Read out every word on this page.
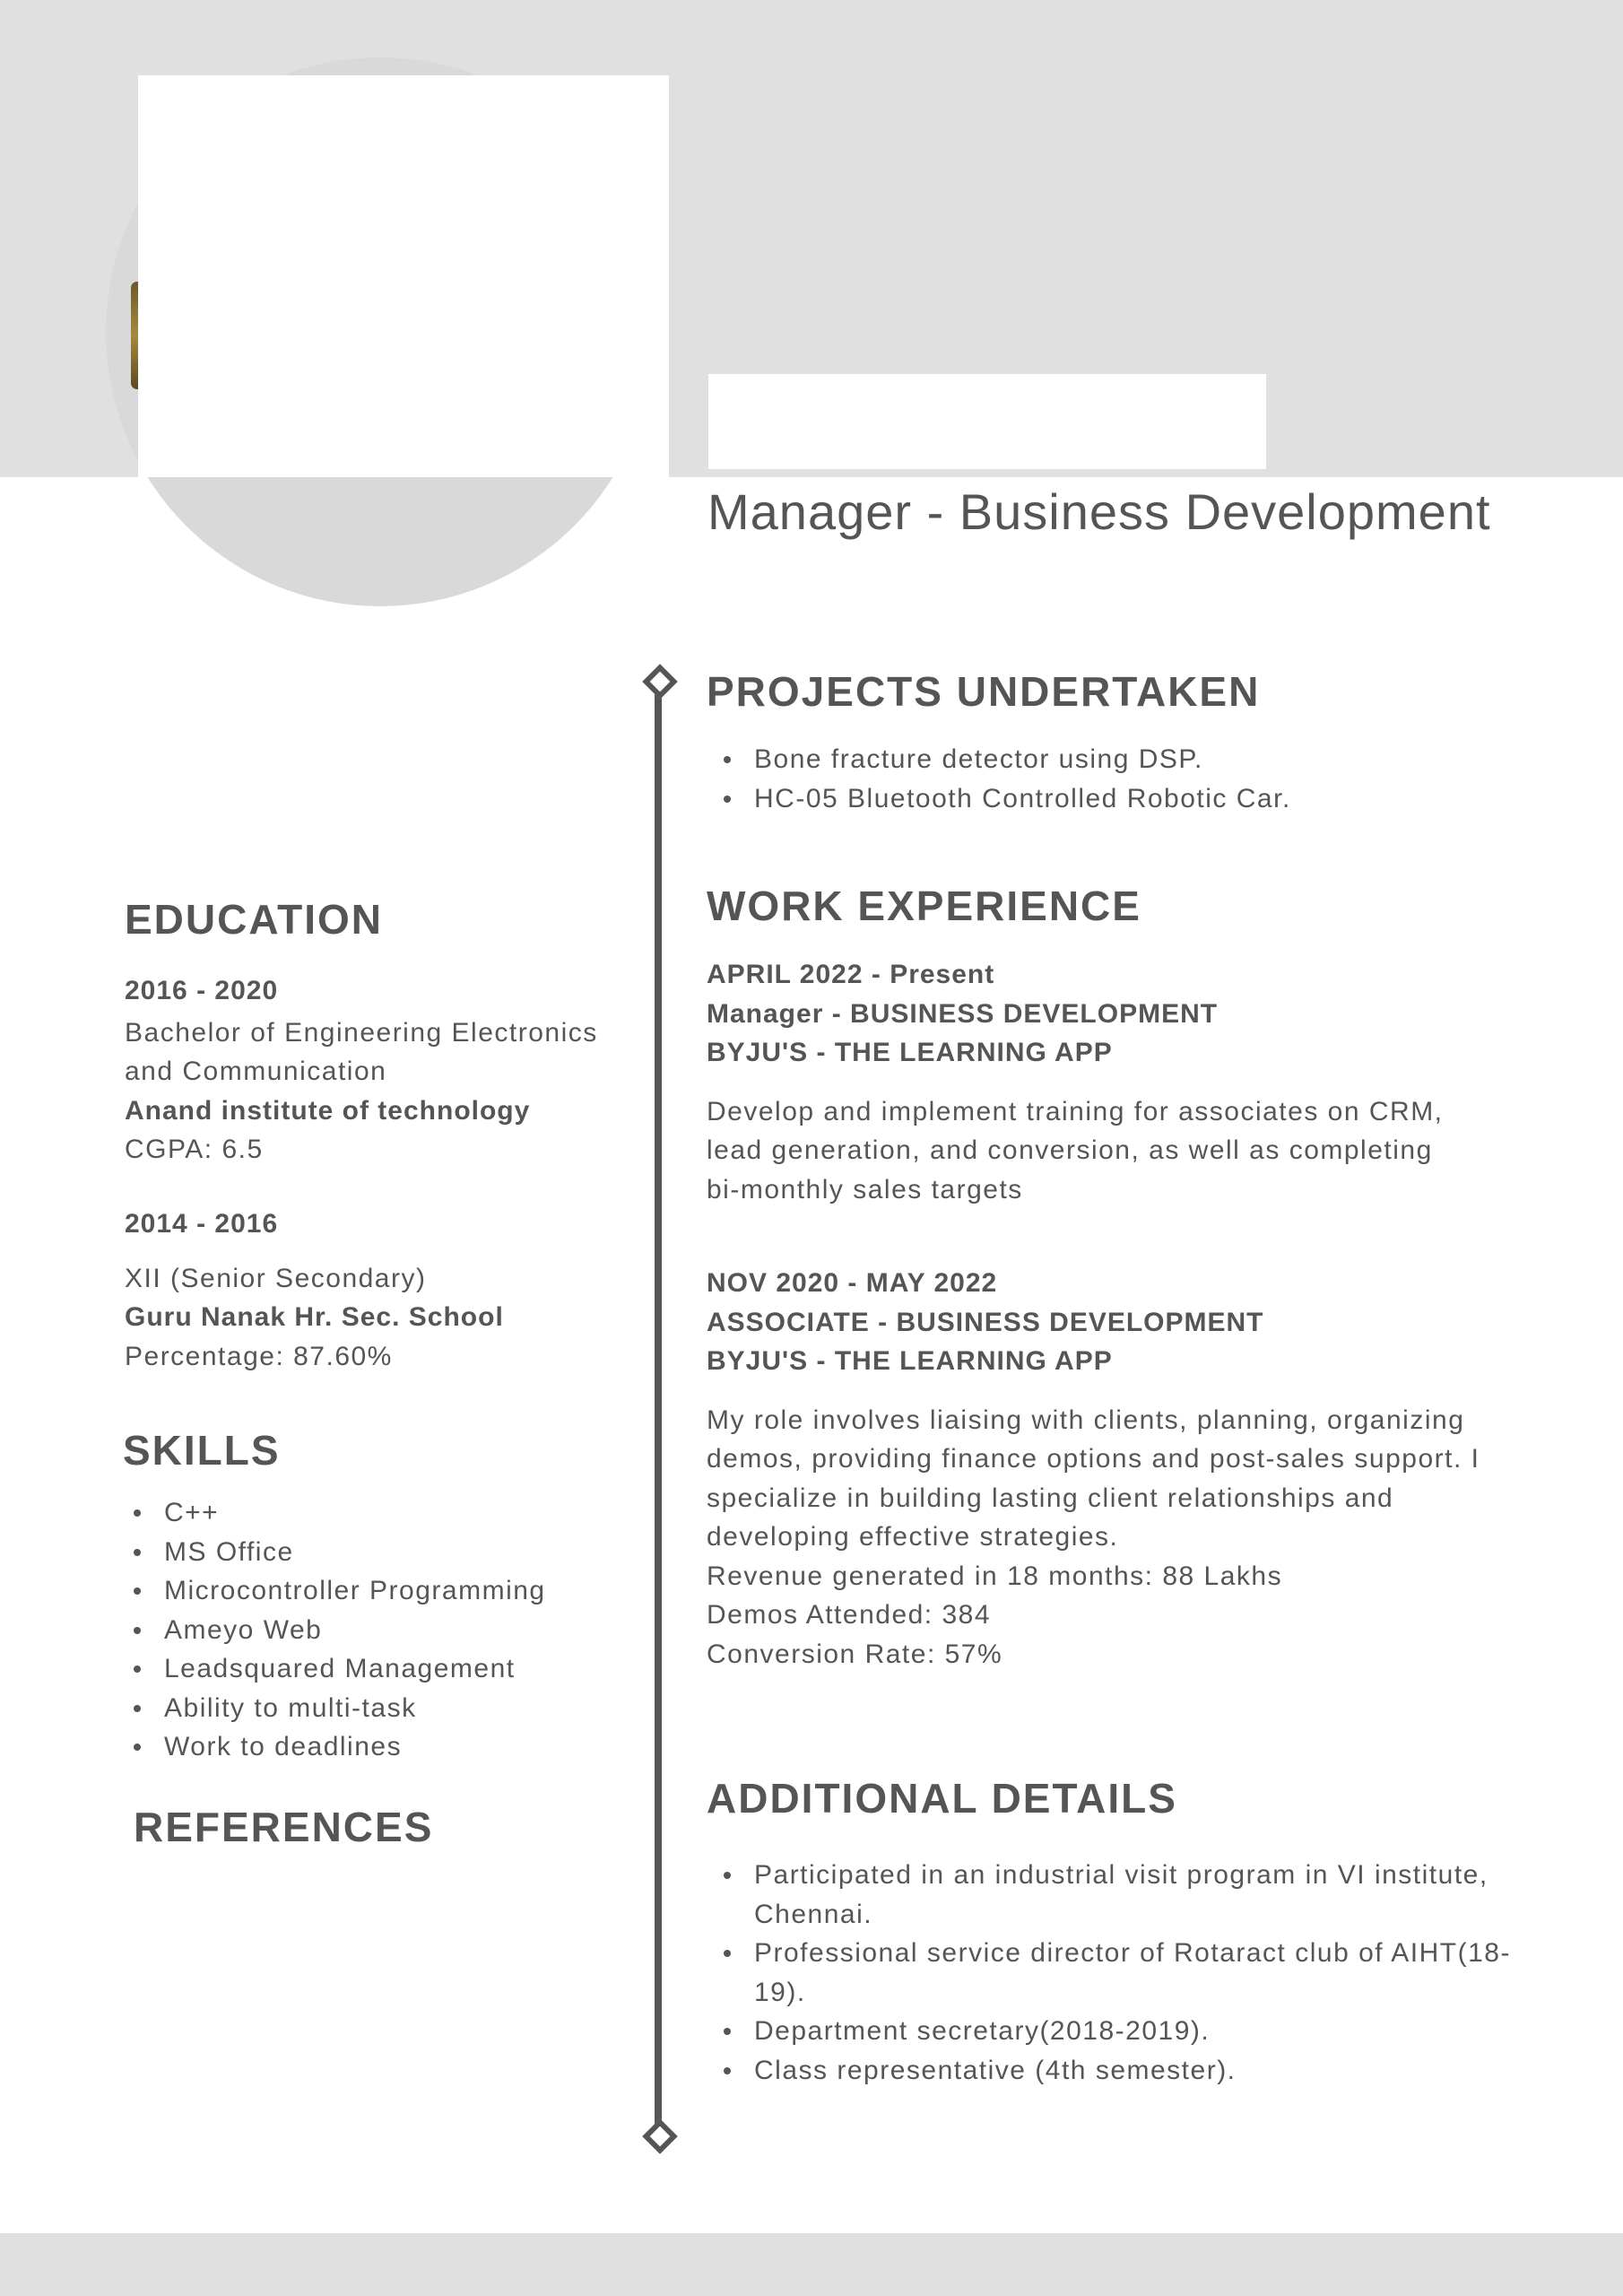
Manager - Business Development
EDUCATION
2016 - 2020
Bachelor of Engineering Electronics
and Communication
Anand institute of technology
CGPA: 6.5
2014 - 2016
XII (Senior Secondary)
Guru Nanak Hr. Sec. School
Percentage: 87.60%
SKILLS
C++
MS Office
Microcontroller Programming
Ameyo Web
Leadsquared Management
Ability to multi-task
Work to deadlines
REFERENCES
PROJECTS UNDERTAKEN
Bone fracture detector using DSP.
HC-05 Bluetooth Controlled Robotic Car.
WORK EXPERIENCE
APRIL 2022 - Present
Manager - BUSINESS DEVELOPMENT
BYJU'S - THE LEARNING APP
Develop and implement training for associates on CRM,
lead generation, and conversion, as well as completing
bi-monthly sales targets
NOV 2020 - MAY 2022
ASSOCIATE - BUSINESS DEVELOPMENT
BYJU'S - THE LEARNING APP
My role involves liaising with clients, planning, organizing
demos, providing finance options and post-sales support. I
specialize in building lasting client relationships and
developing effective strategies.
Revenue generated in 18 months: 88 Lakhs
Demos Attended: 384
Conversion Rate: 57%
ADDITIONAL DETAILS
Participated in an industrial visit program in VI institute,
Chennai.
Professional service director of Rotaract club of AIHT(18-
19).
Department secretary(2018-2019).
Class representative (4th semester).
